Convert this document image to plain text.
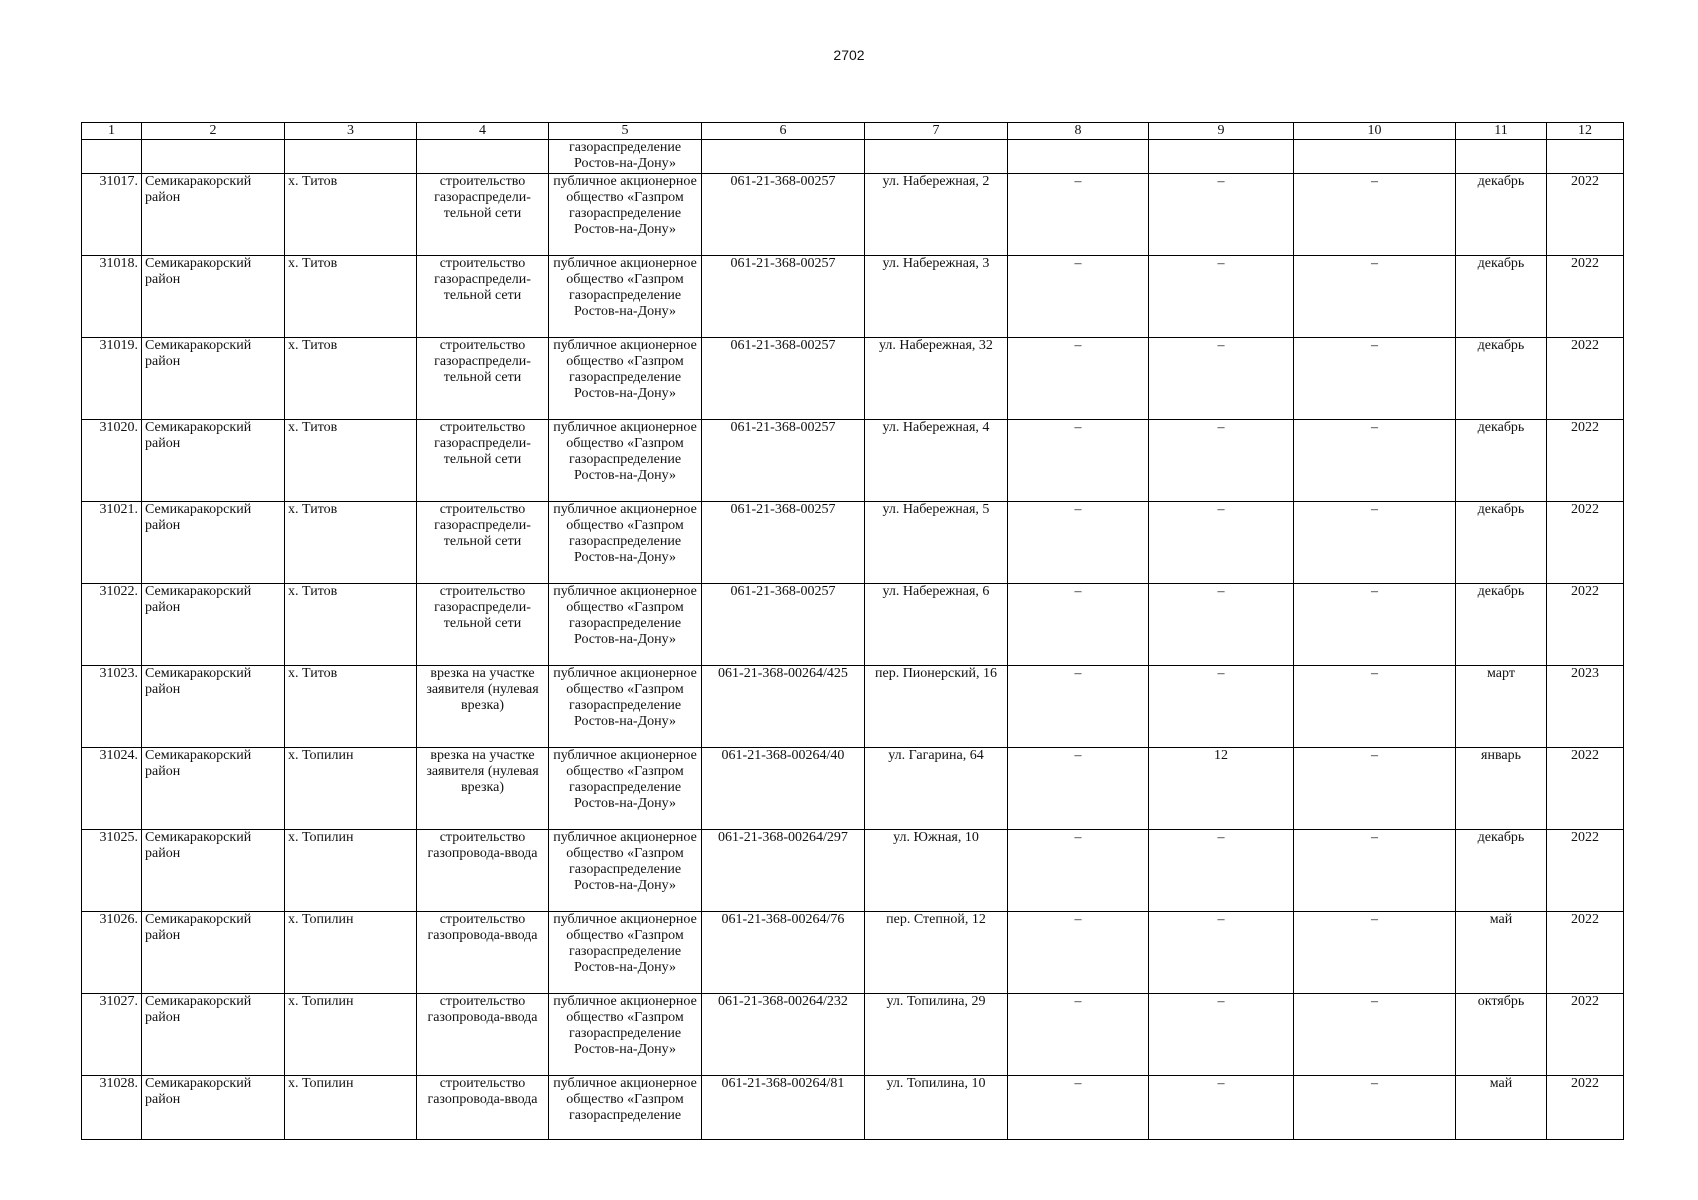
2702
1	2	3	4	5	6	7	8	9	10	11	12
				газораспределение Ростов-на-Дону»							
31017.	Семикаракорский район	х. Титов	строительство газораспредели-тельной сети	публичное акционерное общество «Газпром газораспределение Ростов-на-Дону»	061-21-368-00257	ул. Набережная, 2	–	–	–	декабрь	2022
31018.	Семикаракорский район	х. Титов	строительство газораспредели-тельной сети	публичное акционерное общество «Газпром газораспределение Ростов-на-Дону»	061-21-368-00257	ул. Набережная, 3	–	–	–	декабрь	2022
31019.	Семикаракорский район	х. Титов	строительство газораспредели-тельной сети	публичное акционерное общество «Газпром газораспределение Ростов-на-Дону»	061-21-368-00257	ул. Набережная, 32	–	–	–	декабрь	2022
31020.	Семикаракорский район	х. Титов	строительство газораспредели-тельной сети	публичное акционерное общество «Газпром газораспределение Ростов-на-Дону»	061-21-368-00257	ул. Набережная, 4	–	–	–	декабрь	2022
31021.	Семикаракорский район	х. Титов	строительство газораспредели-тельной сети	публичное акционерное общество «Газпром газораспределение Ростов-на-Дону»	061-21-368-00257	ул. Набережная, 5	–	–	–	декабрь	2022
31022.	Семикаракорский район	х. Титов	строительство газораспредели-тельной сети	публичное акционерное общество «Газпром газораспределение Ростов-на-Дону»	061-21-368-00257	ул. Набережная, 6	–	–	–	декабрь	2022
31023.	Семикаракорский район	х. Титов	врезка на участке заявителя (нулевая врезка)	публичное акционерное общество «Газпром газораспределение Ростов-на-Дону»	061-21-368-00264/425	пер. Пионерский, 16	–	–	–	март	2023
31024.	Семикаракорский район	х. Топилин	врезка на участке заявителя (нулевая врезка)	публичное акционерное общество «Газпром газораспределение Ростов-на-Дону»	061-21-368-00264/40	ул. Гагарина, 64	–	12	–	январь	2022
31025.	Семикаракорский район	х. Топилин	строительство газопровода-ввода	публичное акционерное общество «Газпром газораспределение Ростов-на-Дону»	061-21-368-00264/297	ул. Южная, 10	–	–	–	декабрь	2022
31026.	Семикаракорский район	х. Топилин	строительство газопровода-ввода	публичное акционерное общество «Газпром газораспределение Ростов-на-Дону»	061-21-368-00264/76	пер. Степной, 12	–	–	–	май	2022
31027.	Семикаракорский район	х. Топилин	строительство газопровода-ввода	публичное акционерное общество «Газпром газораспределение Ростов-на-Дону»	061-21-368-00264/232	ул. Топилина, 29	–	–	–	октябрь	2022
31028.	Семикаракорский район	х. Топилин	строительство газопровода-ввода	публичное акционерное общество «Газпром газораспределение	061-21-368-00264/81	ул. Топилина, 10	–	–	–	май	2022
